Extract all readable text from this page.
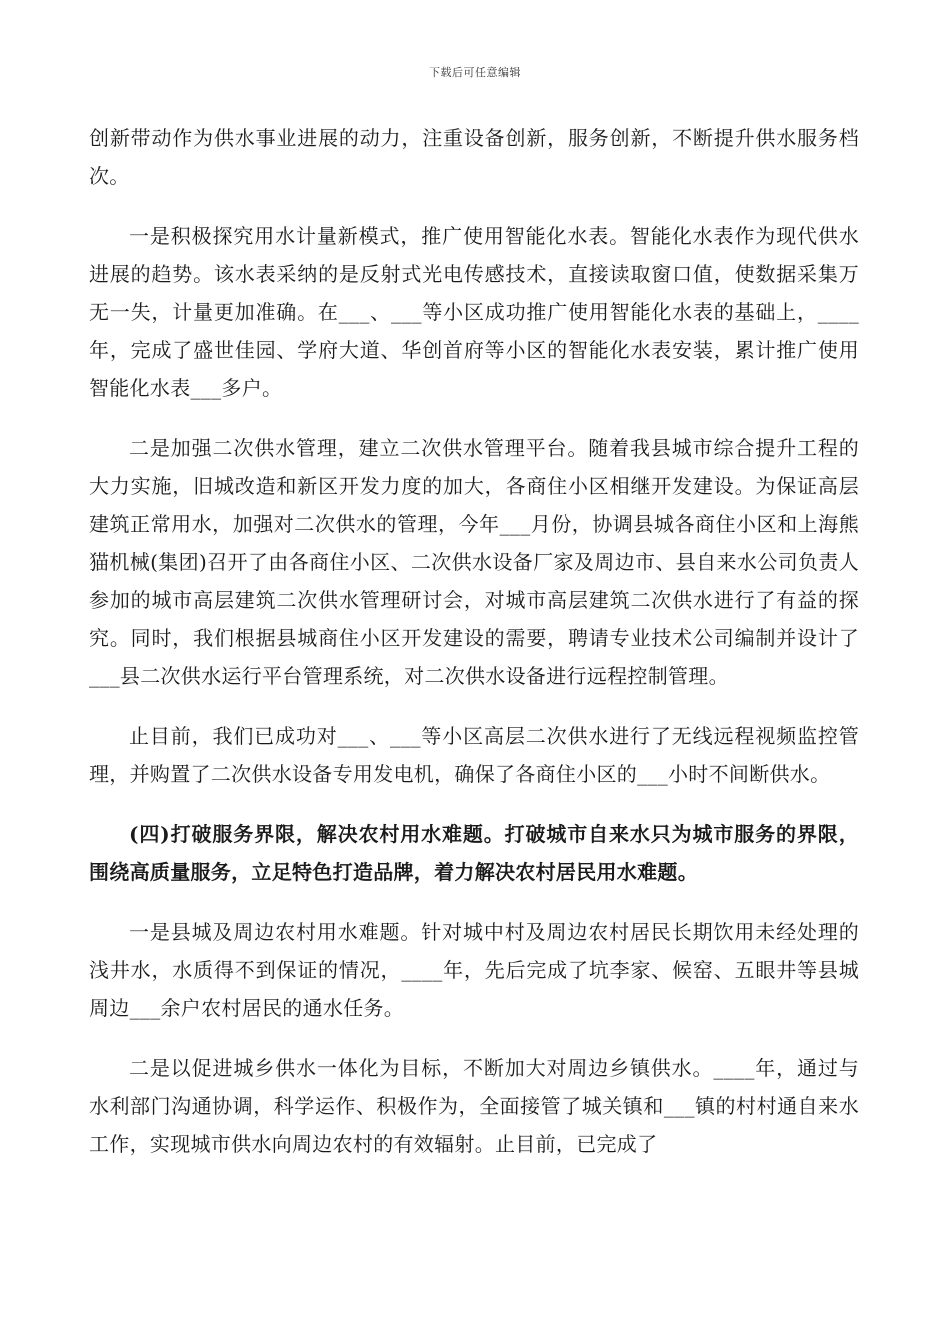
下载后可任意编辑

创新带动作为供水事业进展的动力，注重设备创新，服务创新，不断提升供水服务档次。

一是积极探究用水计量新模式，推广使用智能化水表。智能化水表作为现代供水进展的趋势。该水表采纳的是反射式光电传感技术，直接读取窗口值，使数据采集万无一失，计量更加准确。在___、___等小区成功推广使用智能化水表的基础上，____年，完成了盛世佳园、学府大道、华创首府等小区的智能化水表安装，累计推广使用智能化水表___多户。

二是加强二次供水管理，建立二次供水管理平台。随着我县城市综合提升工程的大力实施，旧城改造和新区开发力度的加大，各商住小区相继开发建设。为保证高层建筑正常用水，加强对二次供水的管理，今年___月份，协调县城各商住小区和上海熊猫机械(集团)召开了由各商住小区、二次供水设备厂家及周边市、县自来水公司负责人参加的城市高层建筑二次供水管理研讨会，对城市高层建筑二次供水进行了有益的探究。同时，我们根据县城商住小区开发建设的需要，聘请专业技术公司编制并设计了___县二次供水运行平台管理系统，对二次供水设备进行远程控制管理。

止目前，我们已成功对___、___等小区高层二次供水进行了无线远程视频监控管理，并购置了二次供水设备专用发电机，确保了各商住小区的___小时不间断供水。

(四)打破服务界限，解决农村用水难题。打破城市自来水只为城市服务的界限，围绕高质量服务，立足特色打造品牌，着力解决农村居民用水难题。

一是县城及周边农村用水难题。针对城中村及周边农村居民长期饮用未经处理的浅井水，水质得不到保证的情况，____年，先后完成了坑李家、候窑、五眼井等县城周边___余户农村居民的通水任务。

二是以促进城乡供水一体化为目标，不断加大对周边乡镇供水。____年，通过与水利部门沟通协调，科学运作、积极作为，全面接管了城关镇和___镇的村村通自来水工作，实现城市供水向周边农村的有效辐射。止目前，已完成了
